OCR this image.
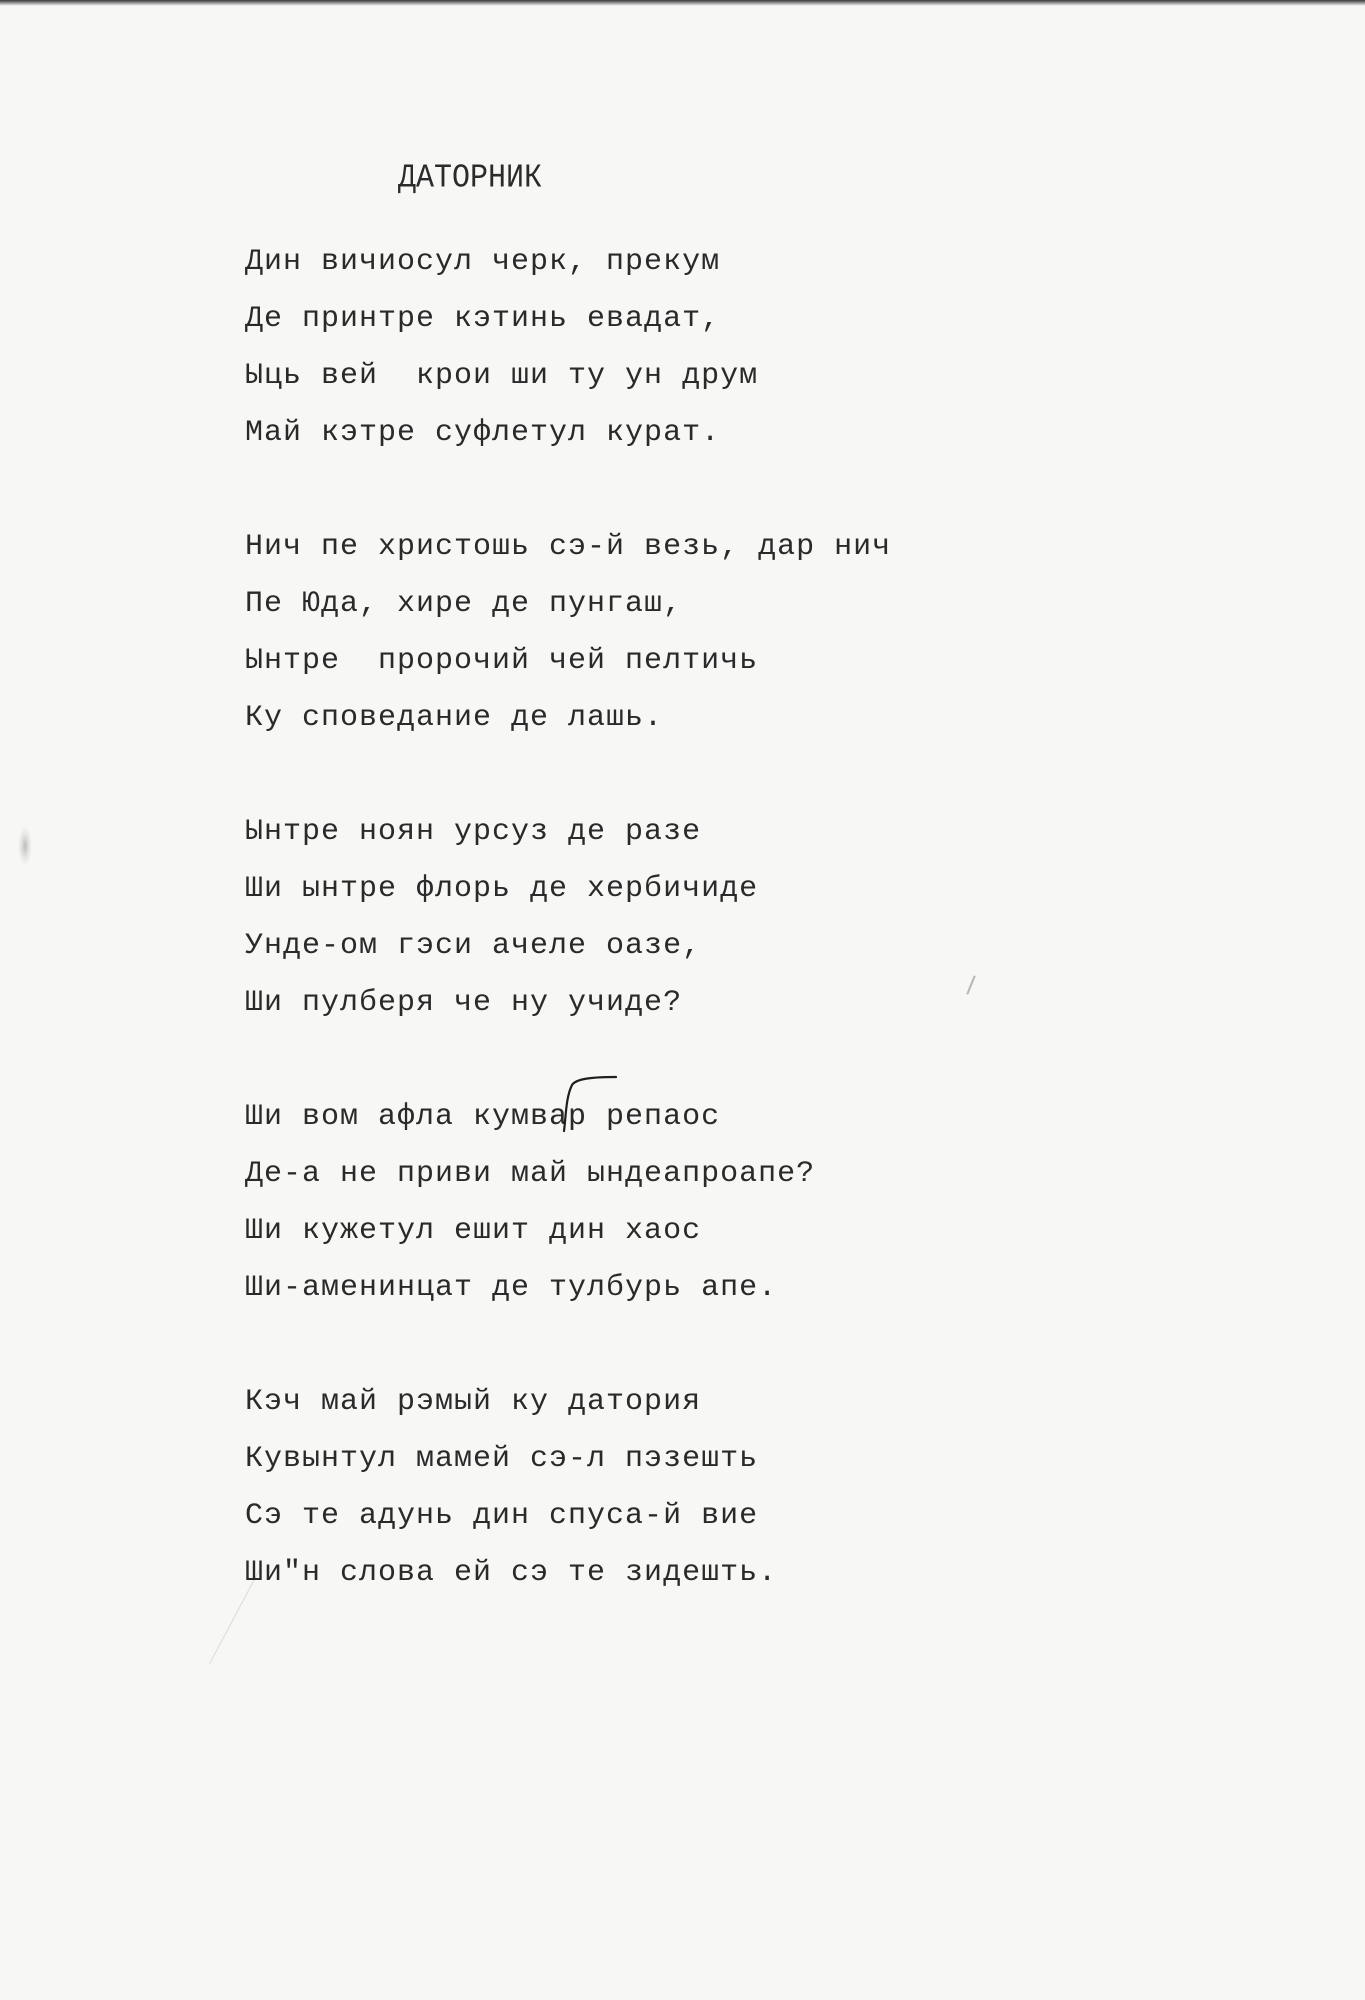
ДАТОРНИК
Дин вичиосул черк, прекум
Де принтре кэтинь евадат,
Ыць вей  крои ши ту ун друм
Май кэтре суфлетул курат.
Нич пе христошь сэ-й везь, дар нич
Пе Юда, хире де пунгаш,
Ынтре  пророчий чей пелтичь
Ку споведание де лашь.
Ынтре ноян урсуз де разе
Ши ынтре флорь де хербичиде
Унде-ом гэси ачеле оазе,
Ши пулберя че ну учиде?
Ши вом афла кумвар репаос
Де-а не приви май ындеапроапе?
Ши кужетул ешит дин хаос
Ши-аменинцат де тулбурь апе.
Кэч май рэмый ку датория
Кувынтул мамей сэ-л пэзешть
Сэ те адунь дин спуса-й вие
Ши"н слова ей сэ те зидешть.
